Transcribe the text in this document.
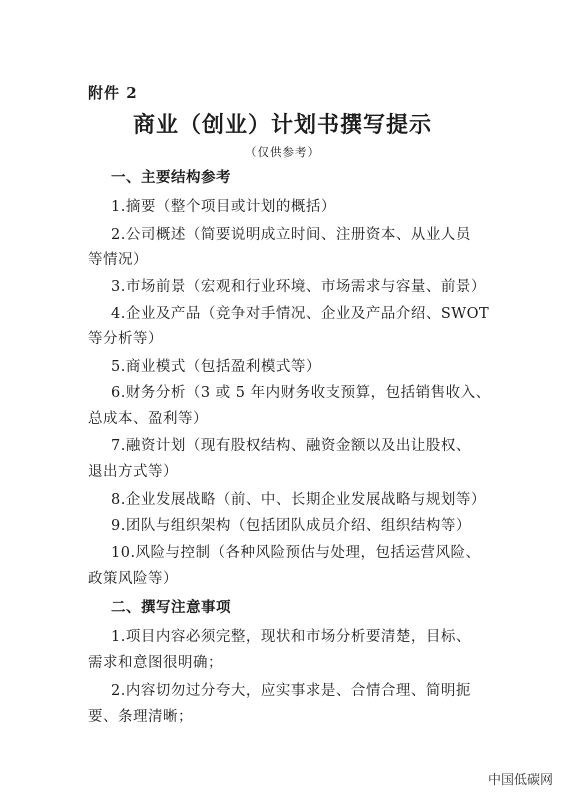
附件 2
商业（创业）计划书撰写提示
（仅供参考）
一、主要结构参考
1.摘要（整个项目或计划的概括）
2.公司概述（简要说明成立时间、注册资本、从业人员
等情况）
3.市场前景（宏观和行业环境、市场需求与容量、前景）
4.企业及产品（竞争对手情况、企业及产品介绍、SWOT
等分析等）
5.商业模式（包括盈利模式等）
6.财务分析（3 或 5 年内财务收支预算，包括销售收入、
总成本、盈利等）
7.融资计划（现有股权结构、融资金额以及出让股权、
退出方式等）
8.企业发展战略（前、中、长期企业发展战略与规划等）
9.团队与组织架构（包括团队成员介绍、组织结构等）
10.风险与控制（各种风险预估与处理，包括运营风险、
政策风险等）
二、撰写注意事项
1.项目内容必须完整，现状和市场分析要清楚，目标、
需求和意图很明确；
2.内容切勿过分夸大，应实事求是、合情合理、简明扼
要、条理清晰；
中国低碳网
